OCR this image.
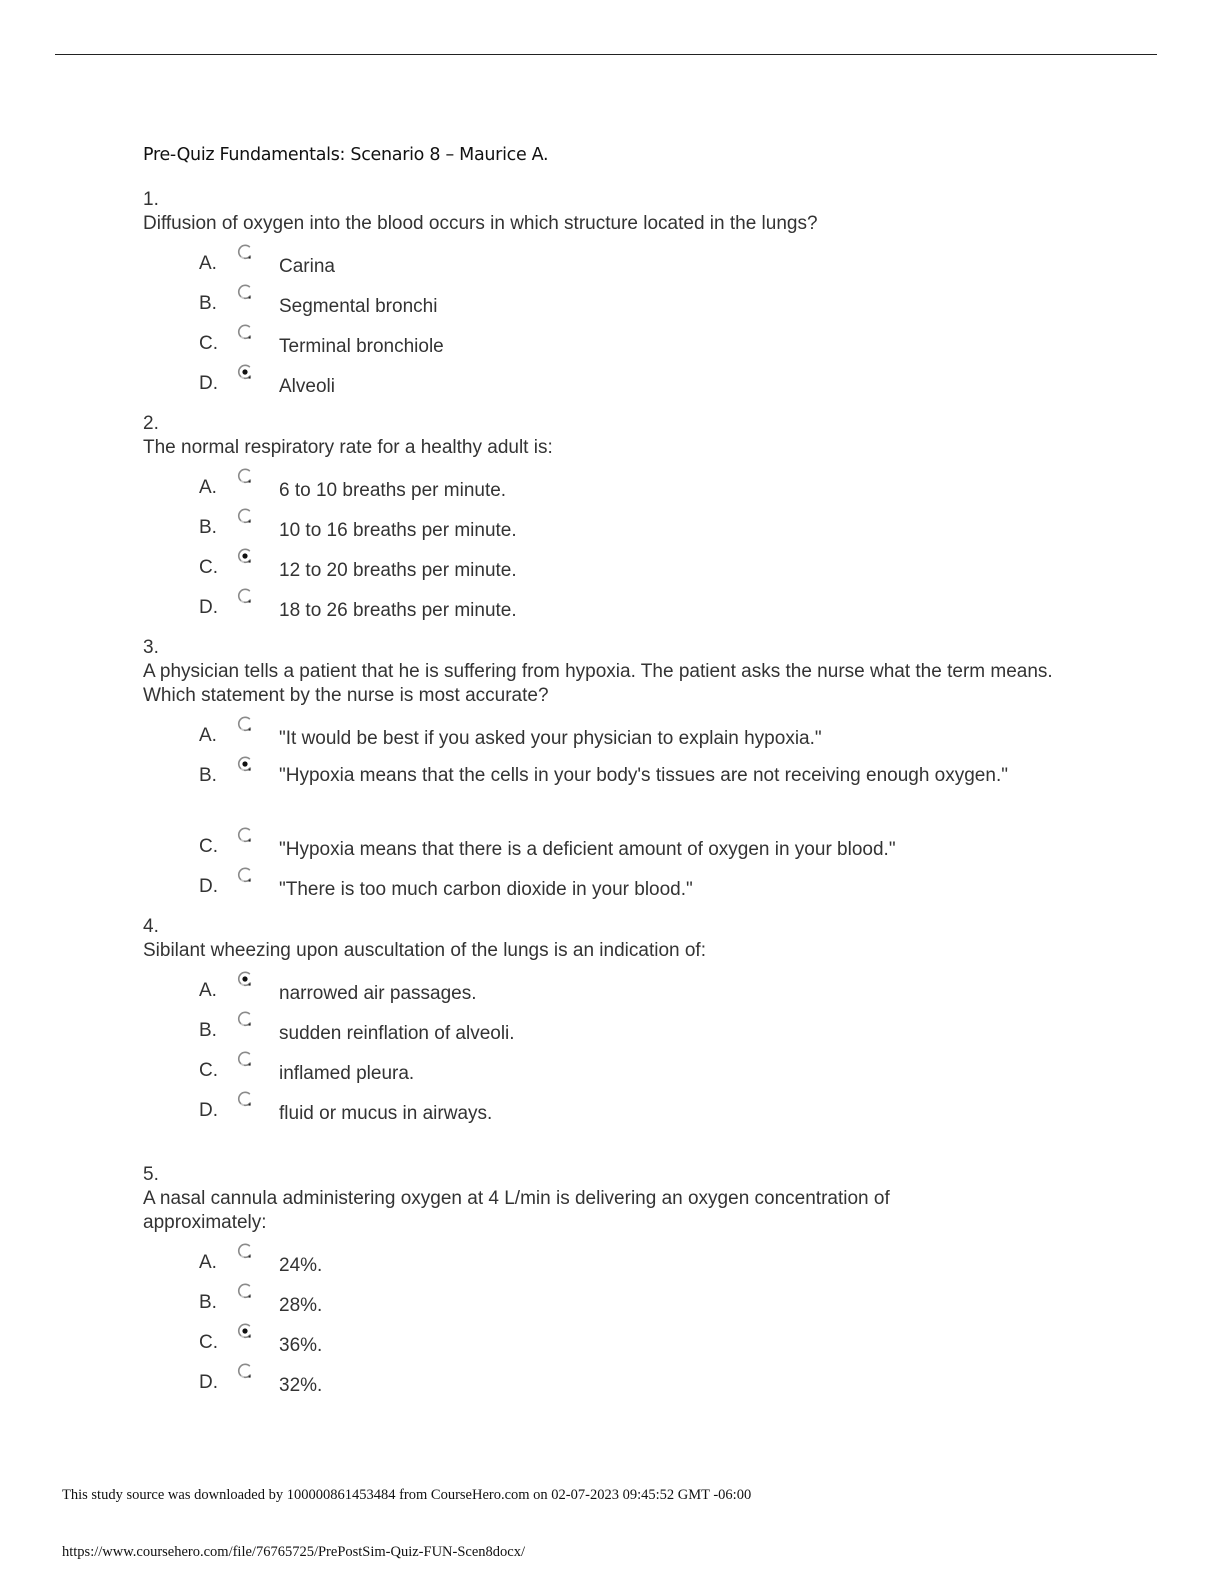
Pre-Quiz Fundamentals: Scenario 8 – Maurice A.
1.
Diffusion of oxygen into the blood occurs in which structure located in the lungs?
A.	Carina
B.	Segmental bronchi
C.	Terminal bronchiole
D.	Alveoli
2.
The normal respiratory rate for a healthy adult is:
A.	6 to 10 breaths per minute.
B.	10 to 16 breaths per minute.
C.	12 to 20 breaths per minute.
D.	18 to 26 breaths per minute.
3.
A physician tells a patient that he is suffering from hypoxia. The patient asks the nurse what the term means. Which statement by the nurse is most accurate?
A.	"It would be best if you asked your physician to explain hypoxia."
B.	"Hypoxia means that the cells in your body's tissues are not receiving enough oxygen."
C.	"Hypoxia means that there is a deficient amount of oxygen in your blood."
D.	"There is too much carbon dioxide in your blood."
4.
Sibilant wheezing upon auscultation of the lungs is an indication of:
A.	narrowed air passages.
B.	sudden reinflation of alveoli.
C.	inflamed pleura.
D.	fluid or mucus in airways.
5.
A nasal cannula administering oxygen at 4 L/min is delivering an oxygen concentration of approximately:
A.	24%.
B.	28%.
C.	36%.
D.	32%.
This study source was downloaded by 100000861453484 from CourseHero.com on 02-07-2023 09:45:52 GMT -06:00
https://www.coursehero.com/file/76765725/PrePostSim-Quiz-FUN-Scen8docx/
